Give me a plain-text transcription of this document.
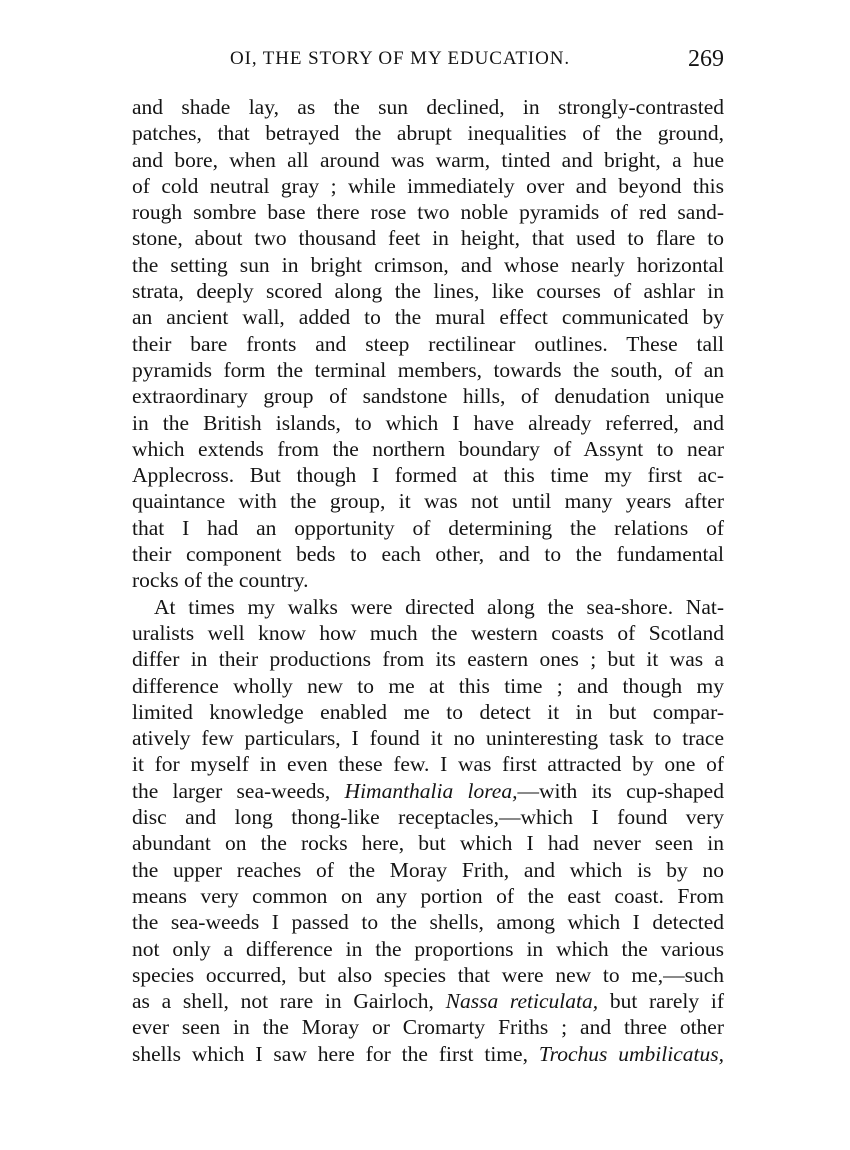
OI, THE STORY OF MY EDUCATION.	269
and shade lay, as the sun declined, in strongly-contrasted
patches, that betrayed the abrupt inequalities of the ground,
and bore, when all around was warm, tinted and bright, a hue
of cold neutral gray ; while immediately over and beyond this
rough sombre base there rose two noble pyramids of red sand-
stone, about two thousand feet in height, that used to flare to
the setting sun in bright crimson, and whose nearly horizontal
strata, deeply scored along the lines, like courses of ashlar in
an ancient wall, added to the mural effect communicated by
their bare fronts and steep rectilinear outlines. These tall
pyramids form the terminal members, towards the south, of an
extraordinary group of sandstone hills, of denudation unique
in the British islands, to which I have already referred, and
which extends from the northern boundary of Assynt to near
Applecross. But though I formed at this time my first ac-
quaintance with the group, it was not until many years after
that I had an opportunity of determining the relations of
their component beds to each other, and to the fundamental
rocks of the country.
At times my walks were directed along the sea-shore. Nat-
uralists well know how much the western coasts of Scotland
differ in their productions from its eastern ones ; but it was a
difference wholly new to me at this time ; and though my
limited knowledge enabled me to detect it in but compar-
atively few particulars, I found it no uninteresting task to trace
it for myself in even these few. I was first attracted by one of
the larger sea-weeds, Himanthalia lorea,—with its cup-shaped
disc and long thong-like receptacles,—which I found very
abundant on the rocks here, but which I had never seen in
the upper reaches of the Moray Frith, and which is by no
means very common on any portion of the east coast. From
the sea-weeds I passed to the shells, among which I detected
not only a difference in the proportions in which the various
species occurred, but also species that were new to me,—such
as a shell, not rare in Gairloch, Nassa reticulata, but rarely if
ever seen in the Moray or Cromarty Friths ; and three other
shells which I saw here for the first time, Trochus umbilicatus,
